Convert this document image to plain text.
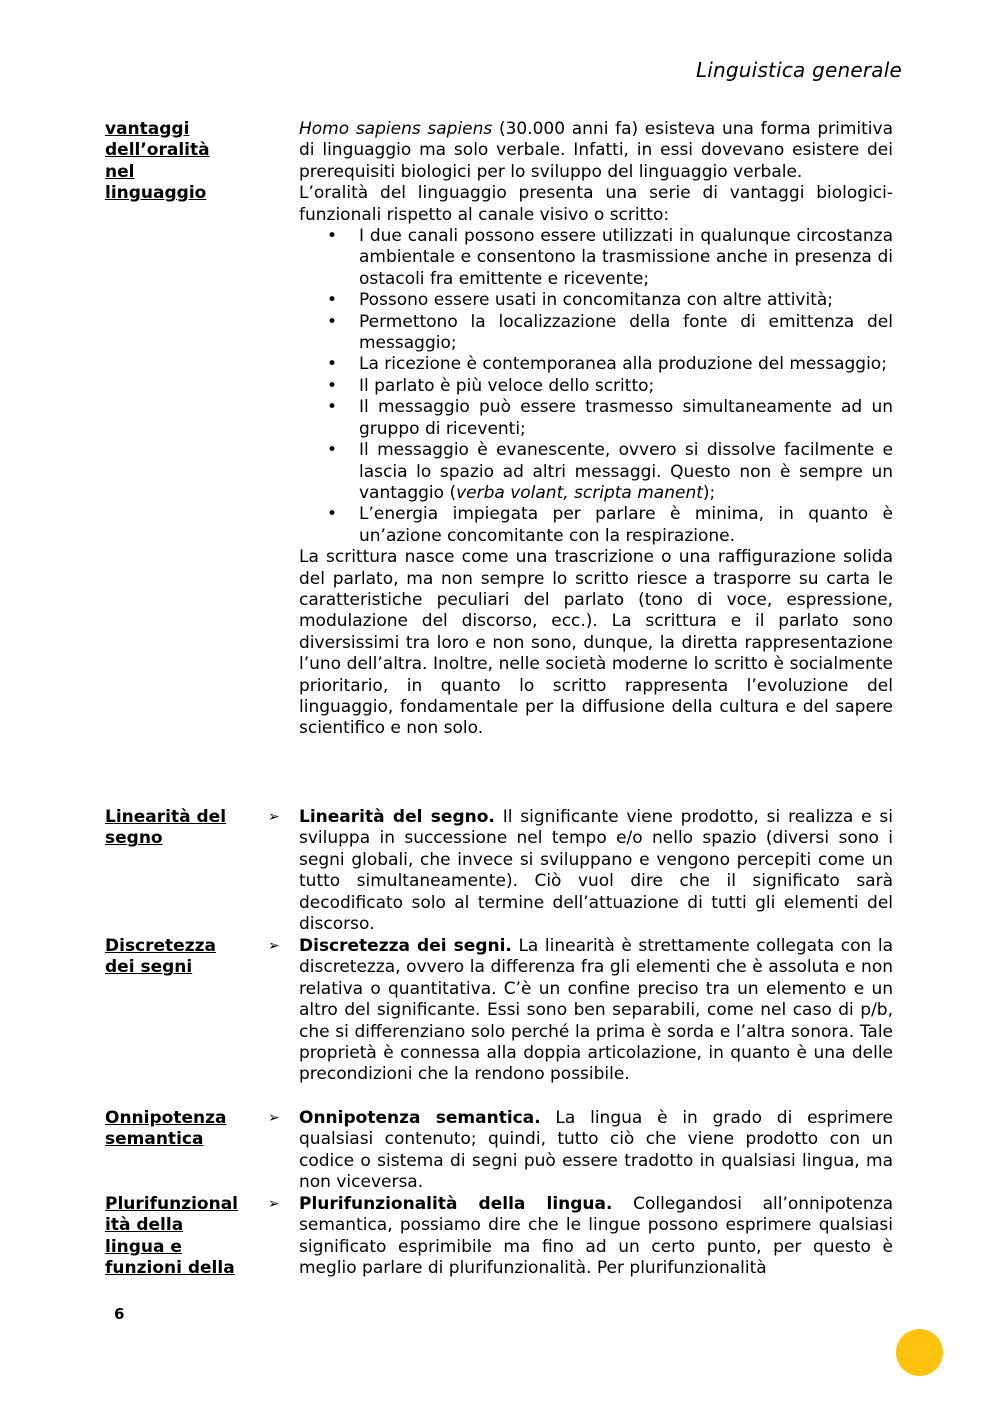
Linguistica generale
vantaggi
dell’oralità
nel
linguaggio

Homo sapiens sapiens (30.000 anni fa) esisteva una forma primitiva di linguaggio ma solo verbale. Infatti, in essi dovevano esistere dei prerequisiti biologici per lo sviluppo del linguaggio verbale.

L’oralità del linguaggio presenta una serie di vantaggi biologici-funzionali rispetto al canale visivo o scritto:

• I due canali possono essere utilizzati in qualunque circostanza ambientale e consentono la trasmissione anche in presenza di ostacoli fra emittente e ricevente;
• Possono essere usati in concomitanza con altre attività;
• Permettono la localizzazione della fonte di emittenza del messaggio;
• La ricezione è contemporanea alla produzione del messaggio;
• Il parlato è più veloce dello scritto;
• Il messaggio può essere trasmesso simultaneamente ad un gruppo di riceventi;
• Il messaggio è evanescente, ovvero si dissolve facilmente e lascia lo spazio ad altri messaggi. Questo non è sempre un vantaggio (verba volant, scripta manent);
• L’energia impiegata per parlare è minima, in quanto è un’azione concomitante con la respirazione.

La scrittura nasce come una trascrizione o una raffigurazione solida del parlato, ma non sempre lo scritto riesce a trasporre su carta le caratteristiche peculiari del parlato (tono di voce, espressione, modulazione del discorso, ecc.). La scrittura e il parlato sono diversissimi tra loro e non sono, dunque, la diretta rappresentazione l’uno dell’altra. Inoltre, nelle società moderne lo scritto è socialmente prioritario, in quanto lo scritto rappresenta l’evoluzione del linguaggio, fondamentale per la diffusione della cultura e del sapere scientifico e non solo.

Linearità del
segno
➢ Linearità del segno. Il significante viene prodotto, si realizza e si sviluppa in successione nel tempo e/o nello spazio (diversi sono i segni globali, che invece si sviluppano e vengono percepiti come un tutto simultaneamente). Ciò vuol dire che il significato sarà decodificato solo al termine dell’attuazione di tutti gli elementi del discorso.

Discretezza
dei segni
➢ Discretezza dei segni. La linearità è strettamente collegata con la discretezza, ovvero la differenza fra gli elementi che è assoluta e non relativa o quantitativa. C’è un confine preciso tra un elemento e un altro del significante. Essi sono ben separabili, come nel caso di p/b, che si differenziano solo perché la prima è sorda e l’altra sonora. Tale proprietà è connessa alla doppia articolazione, in quanto è una delle precondizioni che la rendono possibile.

Onnipotenza
semantica
➢ Onnipotenza semantica. La lingua è in grado di esprimere qualsiasi contenuto; quindi, tutto ciò che viene prodotto con un codice o sistema di segni può essere tradotto in qualsiasi lingua, ma non viceversa.

Plurifunzional
ità della
lingua e
funzioni della
➢ Plurifunzionalità della lingua. Collegandosi all’onnipotenza semantica, possiamo dire che le lingue possono esprimere qualsiasi significato esprimibile ma fino ad un certo punto, per questo è meglio parlare di plurifunzionalità. Per plurifunzionalità

6
